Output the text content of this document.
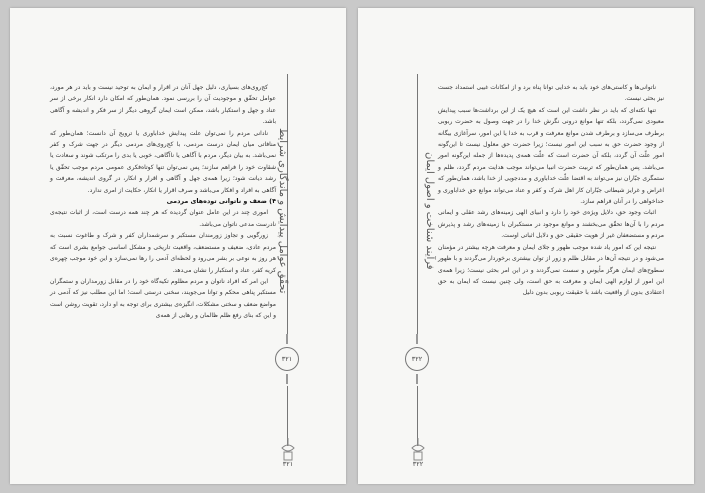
تحقّق عوامل پیدایش و ماندگاری شرایط
۳۲۱

کج‌روی‌های بسیاری، دلیل جهل آنان در اقرار و ایمان به توحید نیست و باید در هر مورد، عوامل تحقّق و موجودیت آن را بررسی نمود. همان‌طور که امکان دارد انکار برخی از سر عناد و جهل و استکبار باشد، ممکن است ایمان گروهی دیگر از سر فکر و اندیشه و آگاهی باشد.

نادانی مردم را نمی‌توان علت پیدایش خداباوری یا ترویج آن دانست؛ همان‌طور که منافاتی میان ایمان درست مردمی، با کج‌روی‌های مردمی دیگر در جهت شرک و کفر نمی‌باشد. به بیان دیگر، مردم با آگاهی یا ناآگاهی، خوبی یا بدی را مرتکب شوند و سعادت یا شقاوت خود را فراهم سازند؛ پس نمی‌توان تنها کوتاه‌فکری عمومی مردم موجب تحقّق یا رشد دیانت شود؛ زیرا همه‌ی جهل و آگاهی و اقرار و انکار، در گروی اندیشه، معرفت و آگاهی به افراد و افکار می‌باشد و صرف اقرار یا انکار، حکایت از امری ندارد.

۴) ضعف و ناتوانی توده‌های مردمی

اموری چند در این عامل عنوان گردیده که هر چند همه درست است، از اثبات نتیجه‌ی نادرست مدعی ناتوان می‌باشد.

زورگویی و تجاوز زورمندان مستکبر و سرشمداران کفر و شرک و طاغوت نسبت به مردم عادی، ضعیف و مستضعف، واقعیت تاریخی و مشکل اساسی جوامع بشری است که هر روز به نوعی بر بشر می‌رود و لحظه‌ای آدمی را رها نمی‌سازد و این خود موجب چهره‌ی کریه کفر، عناد و استکبار را نشان می‌دهد.

این امر که افراد ناتوان و مردم مظلوم تکیه‌گاه خود را در مقابل زورمداران و ستمگران مستکبر پناهی محکم و توانا می‌جویند، سخنی درستی است؛ اما این مطلب نیز که آدمی در مواضع ضعف و سختی مشکلات، انگیزه‌ی بیشتری برای توجه به او دارد، تقویت روشن است و این که بنای رفع ظلم ظالمان و رهایی از همه‌ی

۳۲۱
فرآیند شناخت و اصول ایمان
۳۲۲

ناتوانی‌ها و کاستی‌های خود باید به خدایی توانا پناه برد و از امکانات غیبی استمداد جست نیز بحثی نیست.

تنها نکته‌ای که باید در نظر داشت این است که هیچ یک از این برداشت‌ها سبب پیدایش معبودی نمی‌گردد، بلکه تنها موانع درونی نگرش خدا را در جهت وصول به حضرت ربوبی برطرف می‌سازد و برطرف شدن موانع معرفت و قرب به خدا یا این امور، سرآغازی بیگانه از وجود حضرت حق به سبب این امور نیست؛ زیرا حضرت حق معلول نیست تا این‌گونه امور علّت آن گردد، بلکه آن حضرت است که علّت همه‌ی پدیده‌ها از جمله این‌گونه امور می‌باشد. پس همان‌طور که تربیت حضرت انبیا می‌تواند موجب هدایت مردم گردد، ظلم و ستمگری جبّاران نیز می‌تواند به اقتضا علّت خداباوری و مددجویی از خدا باشد، همان‌طور که اغراض و غرایز شیطانی جبّاران کار اهل شرک و کفر و عناد می‌تواند موانع حق خداباوری و حداخواهی را در آنان فراهم سازد.

اثبات وجود حق، دلایل ویژه‌ی خود را دارد و انبیای الهی زمینه‌های رشد عقلی و ایمانی مردم را با آن‌ها تحقّق می‌بخشند و موانع موجود در مستکبران با زمینه‌های رشد و پذیرش مردم و مستضعفان غیر از هویت حقیقی حق و دلایل اثباتی اوست.

نتیجه این که امور یاد شده موجب ظهور و جلای ایمان و معرفت هرچه بیشتر در مؤمنان می‌شود و در نتیجه آن‌ها در مقابل ظلم و زور از توان بیشتری برخوردار می‌گردند و با ظهور سطوح‌های ایمان هرگز مأیوس و سست نمی‌گردند و در این امر بحثی نیست؛ زیرا همه‌ی این امور از لوازم الهی ایمان و معرفت به حق است، ولی چنین نیست که ایمان به حق اعتقادی بدون از واقعیت باشد با حقیقت ربوبی بدون دلیل

۳۲۲
